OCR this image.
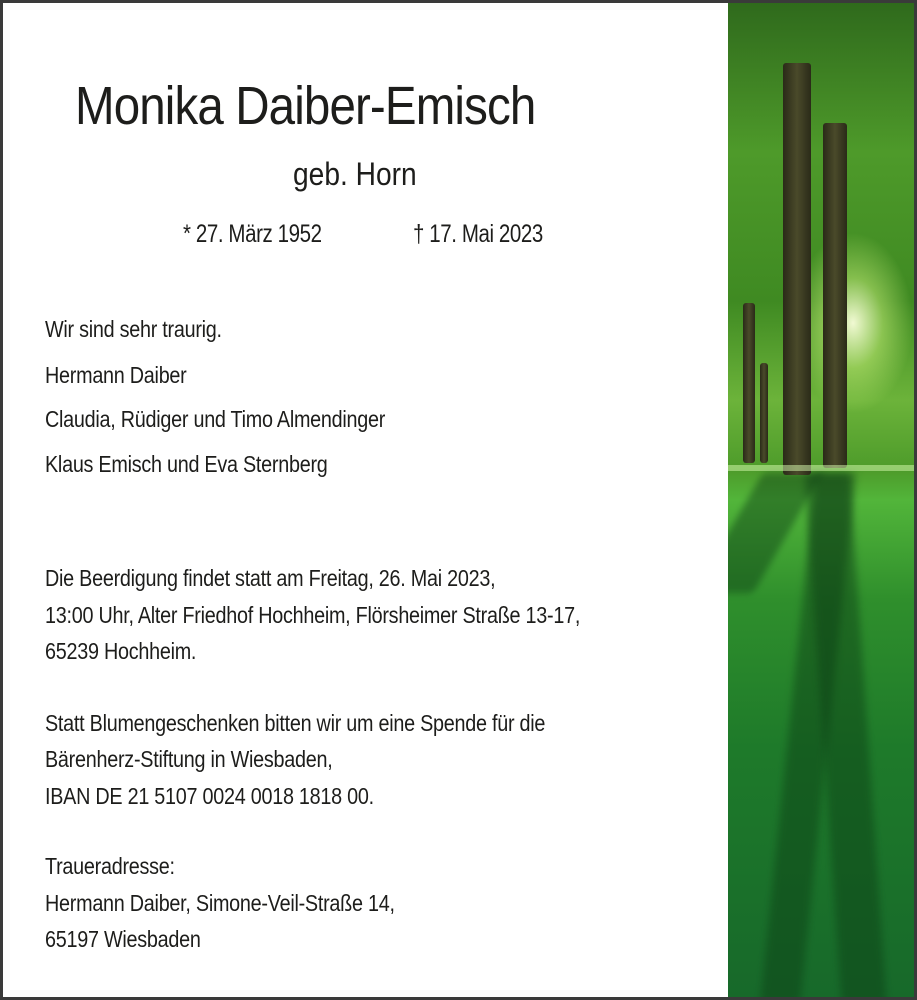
Monika Daiber-Emisch
geb. Horn
* 27. März 1952	† 17. Mai 2023
Wir sind sehr traurig.
Hermann Daiber
Claudia, Rüdiger und Timo Almendinger
Klaus Emisch und Eva Sternberg
Die Beerdigung findet statt am Freitag, 26. Mai 2023,
13:00 Uhr, Alter Friedhof Hochheim, Flörsheimer Straße 13-17,
65239 Hochheim.
Statt Blumengeschenken bitten wir um eine Spende für die
Bärenherz-Stiftung in Wiesbaden,
IBAN DE 21 5107 0024 0018 1818 00.
Traueradresse:
Hermann Daiber, Simone-Veil-Straße 14,
65197 Wiesbaden
